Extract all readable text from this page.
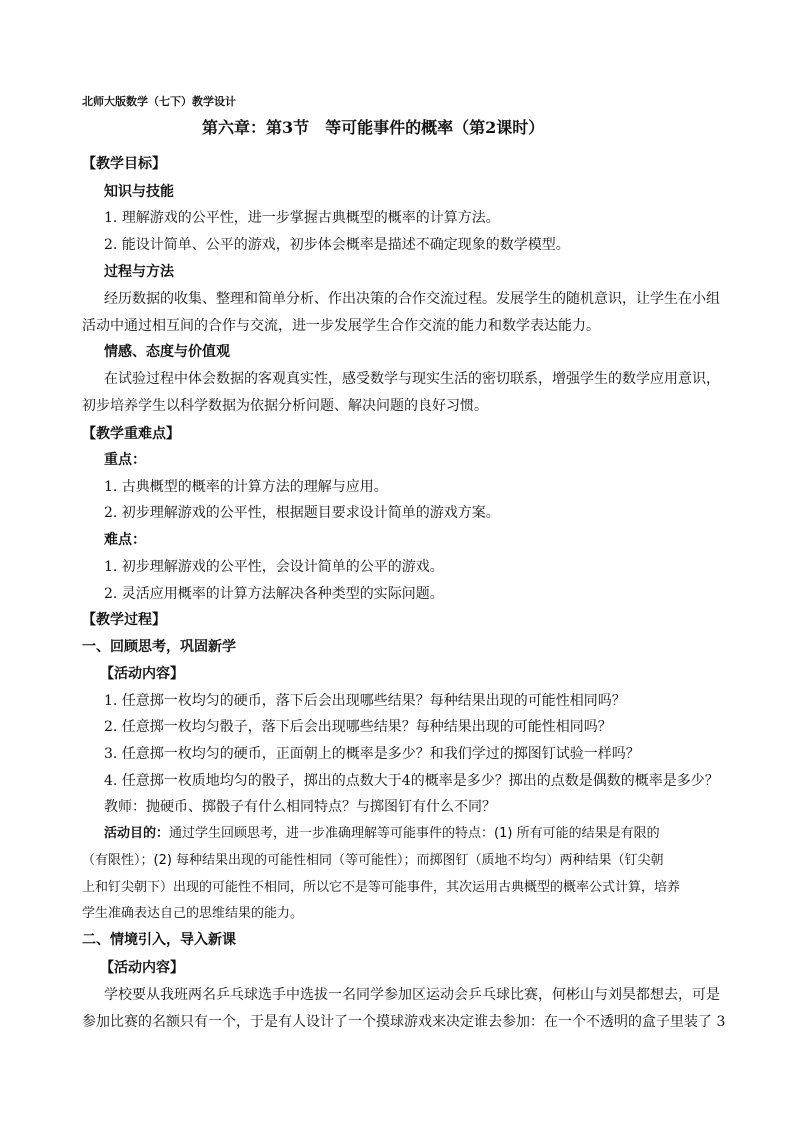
北师大版数学（七下）教学设计
第六章：第3节　等可能事件的概率（第2课时）
【教学目标】
知识与技能
1. 理解游戏的公平性，进一步掌握古典概型的概率的计算方法。
2. 能设计简单、公平的游戏，初步体会概率是描述不确定现象的数学模型。
过程与方法
经历数据的收集、整理和简单分析、作出决策的合作交流过程。发展学生的随机意识，让学生在小组
活动中通过相互间的合作与交流，进一步发展学生合作交流的能力和数学表达能力。
情感、态度与价值观
在试验过程中体会数据的客观真实性，感受数学与现实生活的密切联系，增强学生的数学应用意识，
初步培养学生以科学数据为依据分析问题、解决问题的良好习惯。
【教学重难点】
重点：
1. 古典概型的概率的计算方法的理解与应用。
2. 初步理解游戏的公平性，根据题目要求设计简单的游戏方案。
难点：
1. 初步理解游戏的公平性，会设计简单的公平的游戏。
2. 灵活应用概率的计算方法解决各种类型的实际问题。
【教学过程】
一、回顾思考，巩固新学
【活动内容】
1. 任意掷一枚均匀的硬币，落下后会出现哪些结果？每种结果出现的可能性相同吗？
2. 任意掷一枚均匀骰子，落下后会出现哪些结果？每种结果出现的可能性相同吗？
3. 任意掷一枚均匀的硬币，正面朝上的概率是多少？和我们学过的掷图钉试验一样吗？
4. 任意掷一枚质地均匀的骰子，掷出的点数大于4的概率是多少？掷出的点数是偶数的概率是多少？
教师：抛硬币、掷骰子有什么相同特点？与掷图钉有什么不同？
活动目的：通过学生回顾思考，进一步准确理解等可能事件的特点：(1) 所有可能的结果是有限的
（有限性）；(2) 每种结果出现的可能性相同（等可能性）；而掷图钉（质地不均匀）两种结果（钉尖朝
上和钉尖朝下）出现的可能性不相同，所以它不是等可能事件，其次运用古典概型的概率公式计算，培养
学生准确表达自己的思维结果的能力。
二、情境引入，导入新课
【活动内容】
学校要从我班两名乒乓球选手中选拔一名同学参加区运动会乒乓球比赛，何彬山与刘昊都想去，可是
参加比赛的名额只有一个，于是有人设计了一个摸球游戏来决定谁去参加：在一个不透明的盒子里装了 3
